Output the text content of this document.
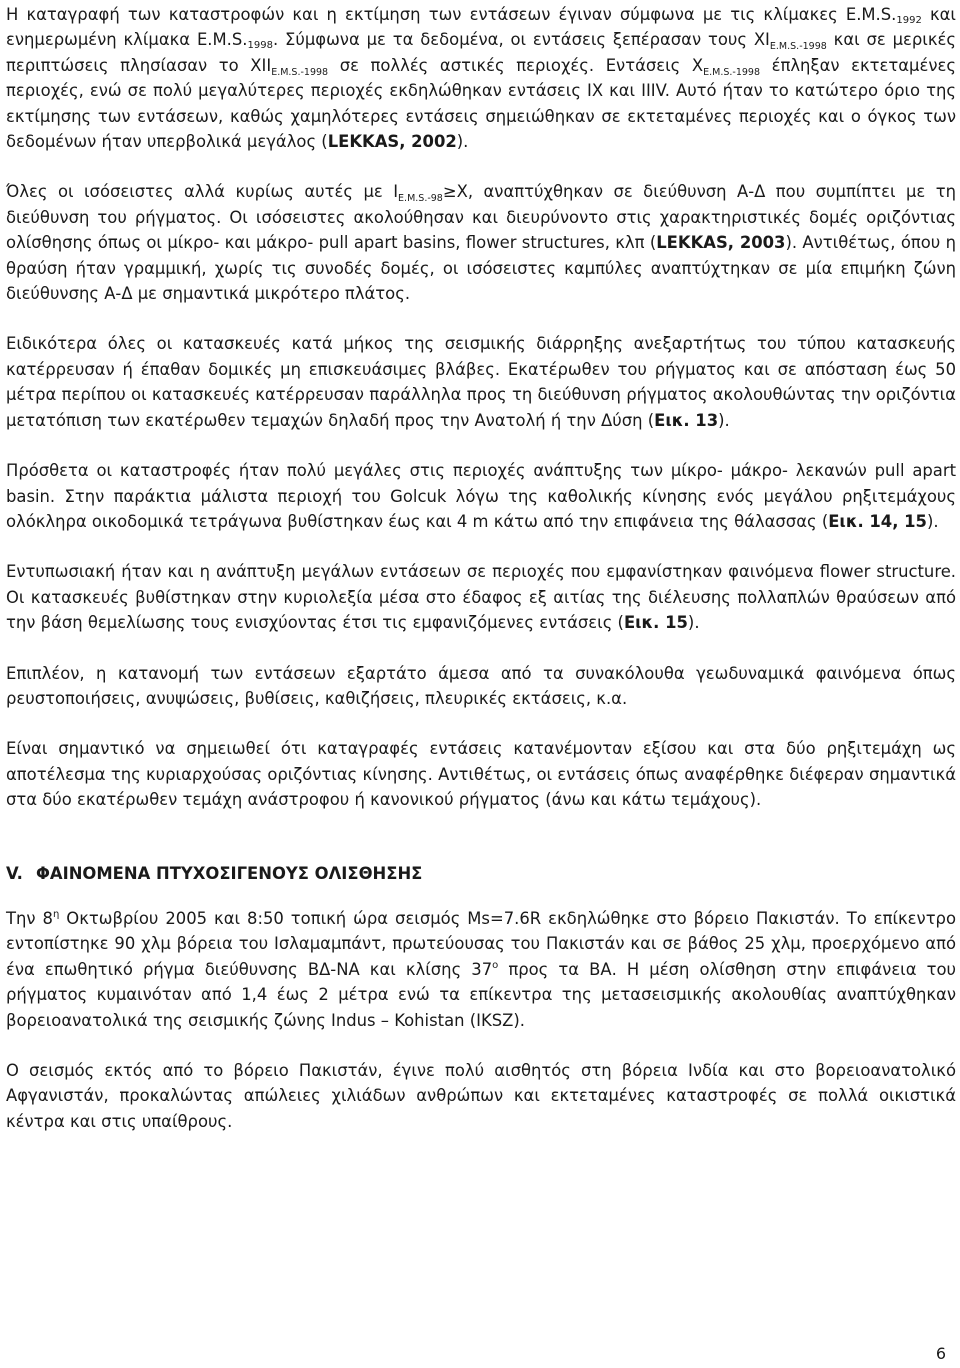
Η καταγραφή των καταστροφών και η εκτίμηση των εντάσεων έγιναν σύμφωνα με τις κλίμακες $E.M.S._{1992}$ και ενημερωμένη κλίμακα $E.M.S._{1998}$. Σύμφωνα με τα δεδομένα, οι εντάσεις ξεπέρασαν τους $XI_{E.M.S.-1998}$ και σε μερικές περιπτώσεις πλησίασαν το $XII_{E.M.S.-1998}$ σε πολλές αστικές περιοχές. Εντάσεις $X_{E.M.S.-1998}$ έπληξαν εκτεταμένες περιοχές, ενώ σε πολύ μεγαλύτερες περιοχές εκδηλώθηκαν εντάσεις IX και IIIV. Αυτό ήταν το κατώτερο όριο της εκτίμησης των εντάσεων, καθώς χαμηλότερες εντάσεις σημειώθηκαν σε εκτεταμένες περιοχές και ο όγκος των δεδομένων ήταν υπερβολικά μεγάλος (LEKKAS, 2002).

Όλες οι ισόσειστες αλλά κυρίως αυτές με $I_{E.M.S.-98}\ge X$, αναπτύχθηκαν σε διεύθυνση Α-Δ που συμπίπτει με τη διεύθυνση του ρήγματος. Οι ισόσειστες ακολούθησαν και διευρύνοντο στις χαρακτηριστικές δομές οριζόντιας ολίσθησης όπως οι μίκρο- και μάκρο- pull apart basins, flower structures, κλπ (LEKKAS, 2003). Αντιθέτως, όπου η θραύση ήταν γραμμική, χωρίς τις συνοδές δομές, οι ισόσειστες καμπύλες αναπτύχτηκαν σε μία επιμήκη ζώνη διεύθυνσης Α-Δ με σημαντικά μικρότερο πλάτος.

Ειδικότερα όλες οι κατασκευές κατά μήκος της σεισμικής διάρρηξης ανεξαρτήτως του τύπου κατασκευής κατέρρευσαν ή έπαθαν δομικές μη επισκευάσιμες βλάβες. Εκατέρωθεν του ρήγματος και σε απόσταση έως 50 μέτρα περίπου οι κατασκευές κατέρρευσαν παράλληλα προς τη διεύθυνση ρήγματος ακολουθώντας την οριζόντια μετατόπιση των εκατέρωθεν τεμαχών δηλαδή προς την Ανατολή ή την Δύση (Εικ. 13).

Πρόσθετα οι καταστροφές ήταν πολύ μεγάλες στις περιοχές ανάπτυξης των μίκρο- μάκρο- λεκανών pull apart basin. Στην παράκτια μάλιστα περιοχή του Golcuk λόγω της καθολικής κίνησης ενός μεγάλου ρηξιτεμάχους ολόκληρα οικοδομικά τετράγωνα βυθίστηκαν έως και 4 m κάτω από την επιφάνεια της θάλασσας (Εικ. 14, 15).

Εντυπωσιακή ήταν και η ανάπτυξη μεγάλων εντάσεων σε περιοχές που εμφανίστηκαν φαινόμενα flower structure. Οι κατασκευές βυθίστηκαν στην κυριολεξία μέσα στο έδαφος εξ αιτίας της διέλευσης πολλαπλών θραύσεων από την βάση θεμελίωσης τους ενισχύοντας έτσι τις εμφανιζόμενες εντάσεις (Εικ. 15).

Επιπλέον, η κατανομή των εντάσεων εξαρτάτο άμεσα από τα συνακόλουθα γεωδυναμικά φαινόμενα όπως ρευστοποιήσεις, ανυψώσεις, βυθίσεις, καθιζήσεις, πλευρικές εκτάσεις, κ.α.

Είναι σημαντικό να σημειωθεί ότι καταγραφές εντάσεις κατανέμονταν εξίσου και στα δύο ρηξιτεμάχη ως αποτέλεσμα της κυριαρχούσας οριζόντιας κίνησης. Αντιθέτως, οι εντάσεις όπως αναφέρθηκε διέφεραν σημαντικά στα δύο εκατέρωθεν τεμάχη ανάστροφου ή κανονικού ρήγματος (άνω και κάτω τεμάχους).

V. ΦΑΙΝΟΜΕΝΑ ΠΤΥΧΟΣΙΓΕΝΟΥΣ ΟΛΙΣΘΗΣΗΣ

Την $8^\eta$ Οκτωβρίου 2005 και 8:50 τοπική ώρα σεισμός Ms=7.6R εκδηλώθηκε στο βόρειο Πακιστάν. Το επίκεντρο εντοπίστηκε 90 χλμ βόρεια του Ισλαμαμπάντ, πρωτεύουσας του Πακιστάν και σε βάθος 25 χλμ, προερχόμενο από ένα επωθητικό ρήγμα διεύθυνσης ΒΔ-ΝΑ και κλίσης $37^o$ προς τα ΒΑ. Η μέση ολίσθηση στην επιφάνεια του ρήγματος κυμαινόταν από 1,4 έως 2 μέτρα ενώ τα επίκεντρα της μετασεισμικής ακολουθίας αναπτύχθηκαν βορειοανατολικά της σεισμικής ζώνης Indus – Kohistan (IKSZ).

Ο σεισμός εκτός από το βόρειο Πακιστάν, έγινε πολύ αισθητός στη βόρεια Ινδία και στο βορειοανατολικό Αφγανιστάν, προκαλώντας απώλειες χιλιάδων ανθρώπων και εκτεταμένες καταστροφές σε πολλά οικιστικά κέντρα και στις υπαίθρους.

6
